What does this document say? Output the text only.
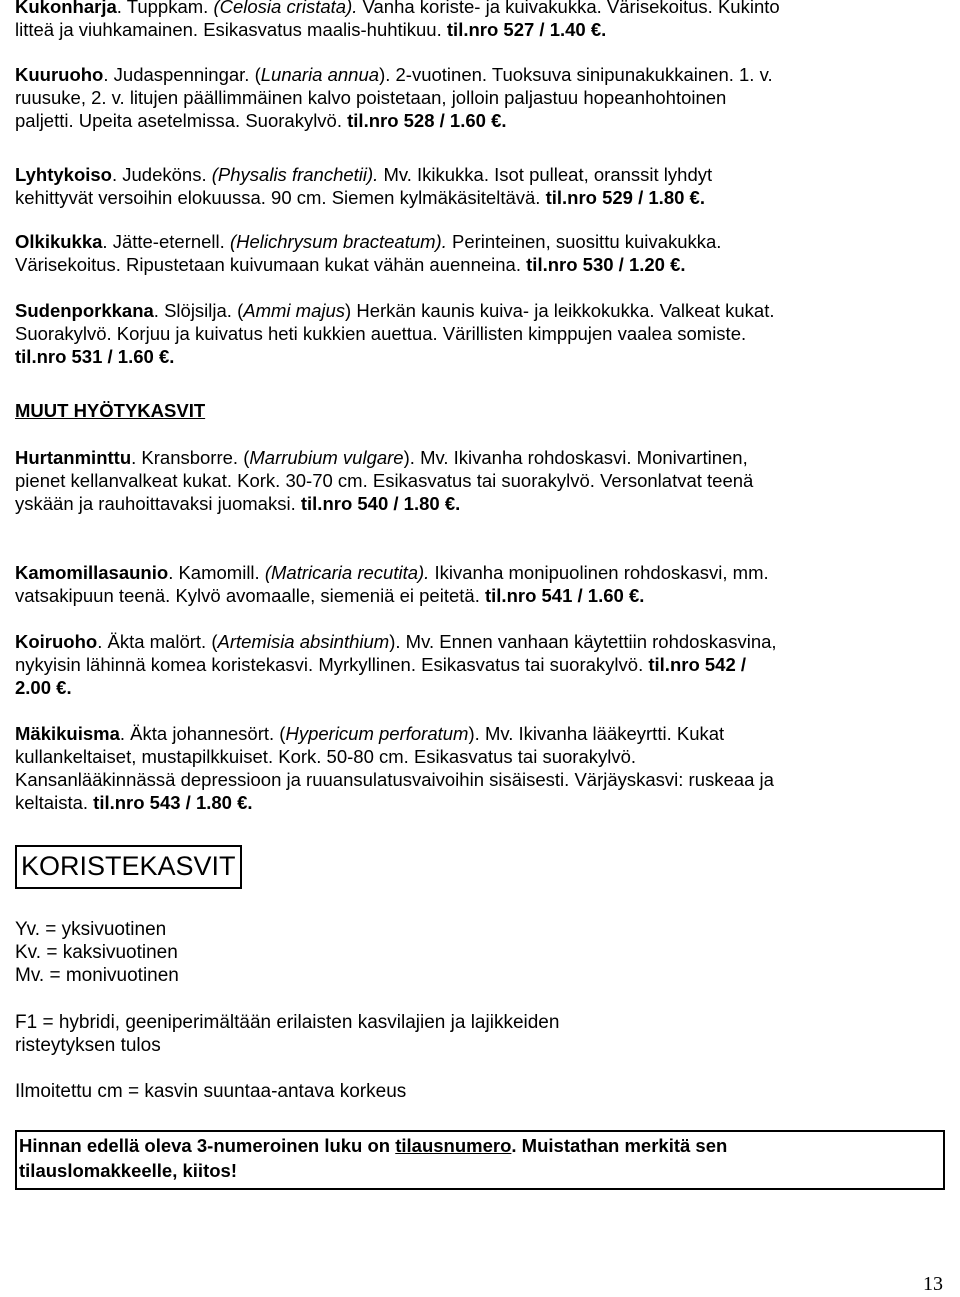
Kukonharja. Tuppkam. (Celosia cristata). Vanha koriste- ja kuivakukka. Värisekoitus. Kukinto
litteä ja viuhkamainen. Esikasvatus maalis-huhtikuu. til.nro 527 / 1.40 €.
Kuuruoho. Judaspenningar. (Lunaria annua). 2-vuotinen. Tuoksuva sinipunakukkainen. 1. v.
ruusuke, 2. v. litujen päällimmäinen kalvo poistetaan, jolloin paljastuu hopeanhohtoinen
paljetti. Upeita asetelmissa. Suorakylvö. til.nro 528 / 1.60 €.
Lyhtykoiso. Judeköns. (Physalis franchetii). Mv. Ikikukka. Isot pulleat, oranssit lyhdyt
kehittyvät versoihin elokuussa. 90 cm. Siemen kylmäkäsiteltävä. til.nro 529 / 1.80 €.
Olkikukka. Jätte-eternell. (Helichrysum bracteatum). Perinteinen, suosittu kuivakukka.
Värisekoitus. Ripustetaan kuivumaan kukat vähän auenneina. til.nro 530 / 1.20 €.
Sudenporkkana. Slöjsilja. (Ammi majus) Herkän kaunis kuiva- ja leikkokukka. Valkeat kukat.
Suorakylvö. Korjuu ja kuivatus heti kukkien auettua. Värillisten kimppujen vaalea somiste.
til.nro 531 / 1.60 €.
MUUT HYÖTYKASVIT
Hurtanminttu. Kransborre. (Marrubium vulgare). Mv. Ikivanha rohdoskasvi. Monivartinen,
pienet kellanvalkeat kukat. Kork. 30-70 cm. Esikasvatus tai suorakylvö. Versonlatvat teenä
yskään ja rauhoittavaksi juomaksi. til.nro 540 / 1.80 €.
Kamomillasaunio. Kamomill. (Matricaria recutita). Ikivanha monipuolinen rohdoskasvi, mm.
vatsakipuun teenä. Kylvö avomaalle, siemeniä ei peitetä. til.nro 541 / 1.60 €.
Koiruoho. Äkta malört. (Artemisia absinthium). Mv. Ennen vanhaan käytettiin rohdoskasvina,
nykyisin lähinnä komea koristekasvi. Myrkyllinen. Esikasvatus tai suorakylvö. til.nro 542 /
2.00 €.
Mäkikuisma. Äkta johannesört. (Hypericum perforatum). Mv. Ikivanha lääkeyrtti. Kukat
kullankeltaiset, mustapilkkuiset. Kork. 50-80 cm. Esikasvatus tai suorakylvö.
Kansanlääkinnässä depressioon ja ruuansulatusvaivoihin sisäisesti. Värjäyskasvi: ruskeaa ja
keltaista. til.nro 543 / 1.80 €.
KORISTEKASVIT
Yv. = yksivuotinen
Kv. = kaksivuotinen
Mv. = monivuotinen
F1 = hybridi, geeniperimältään erilaisten kasvilajien ja lajikkeiden
risteytyksen tulos
Ilmoitettu cm = kasvin suuntaa-antava korkeus
Hinnan edellä oleva 3-numeroinen luku on tilausnumero. Muistathan merkitä sen
tilauslomakkeelle, kiitos!
13
